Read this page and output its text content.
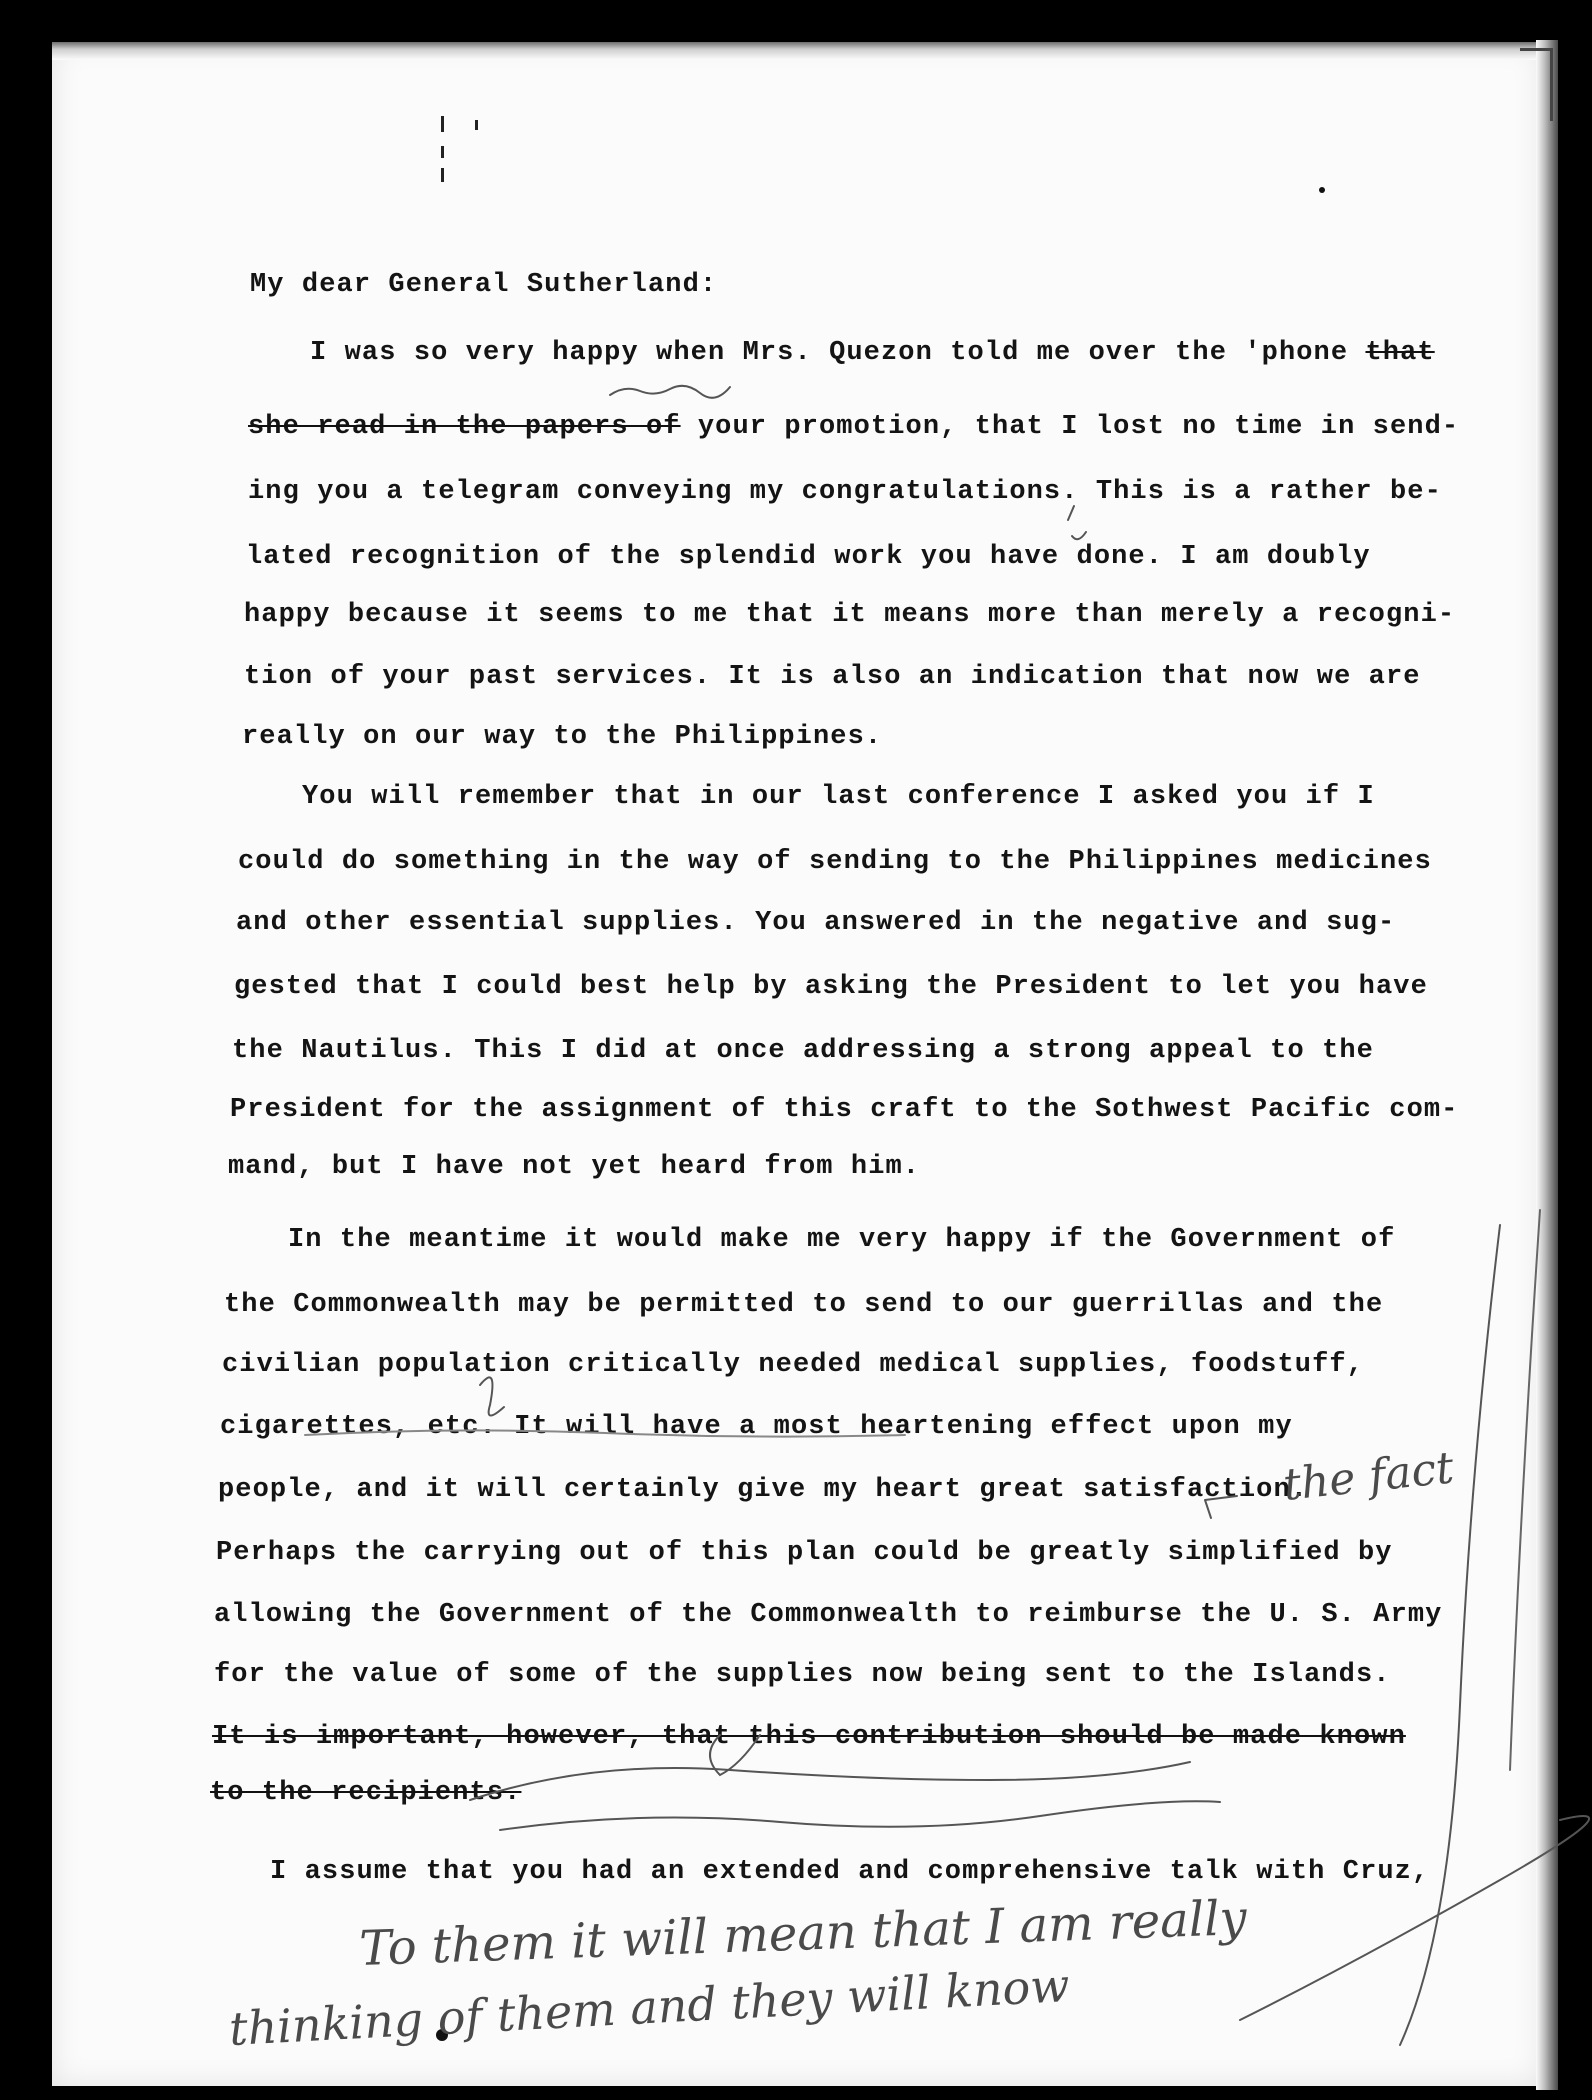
My dear General Sutherland:
I was so very happy when Mrs. Quezon told me over the 'phone that
she read in the papers of your promotion, that I lost no time in send-
ing you a telegram conveying my congratulations. This is a rather be-
lated recognition of the splendid work you have done. I am doubly
happy because it seems to me that it means more than merely a recogni-
tion of your past services. It is also an indication that now we are
really on our way to the Philippines.
You will remember that in our last conference I asked you if I
could do something in the way of sending to the Philippines medicines
and other essential supplies. You answered in the negative and sug-
gested that I could best help by asking the President to let you have
the Nautilus. This I did at once addressing a strong appeal to the
President for the assignment of this craft to the Sothwest Pacific com-
mand, but I have not yet heard from him.
In the meantime it would make me very happy if the Government of
the Commonwealth may be permitted to send to our guerrillas and the
civilian population critically needed medical supplies, foodstuff,
cigarettes, etc. It will have a most heartening effect upon my
people, and it will certainly give my heart great satisfaction.
Perhaps the carrying out of this plan could be greatly simplified by
allowing the Government of the Commonwealth to reimburse the U. S. Army
for the value of some of the supplies now being sent to the Islands.
It is important, however, that this contribution should be made known
to the recipients.
I assume that you had an extended and comprehensive talk with Cruz,
To them it will mean that I am really
thinking of them and they will know
the fact
